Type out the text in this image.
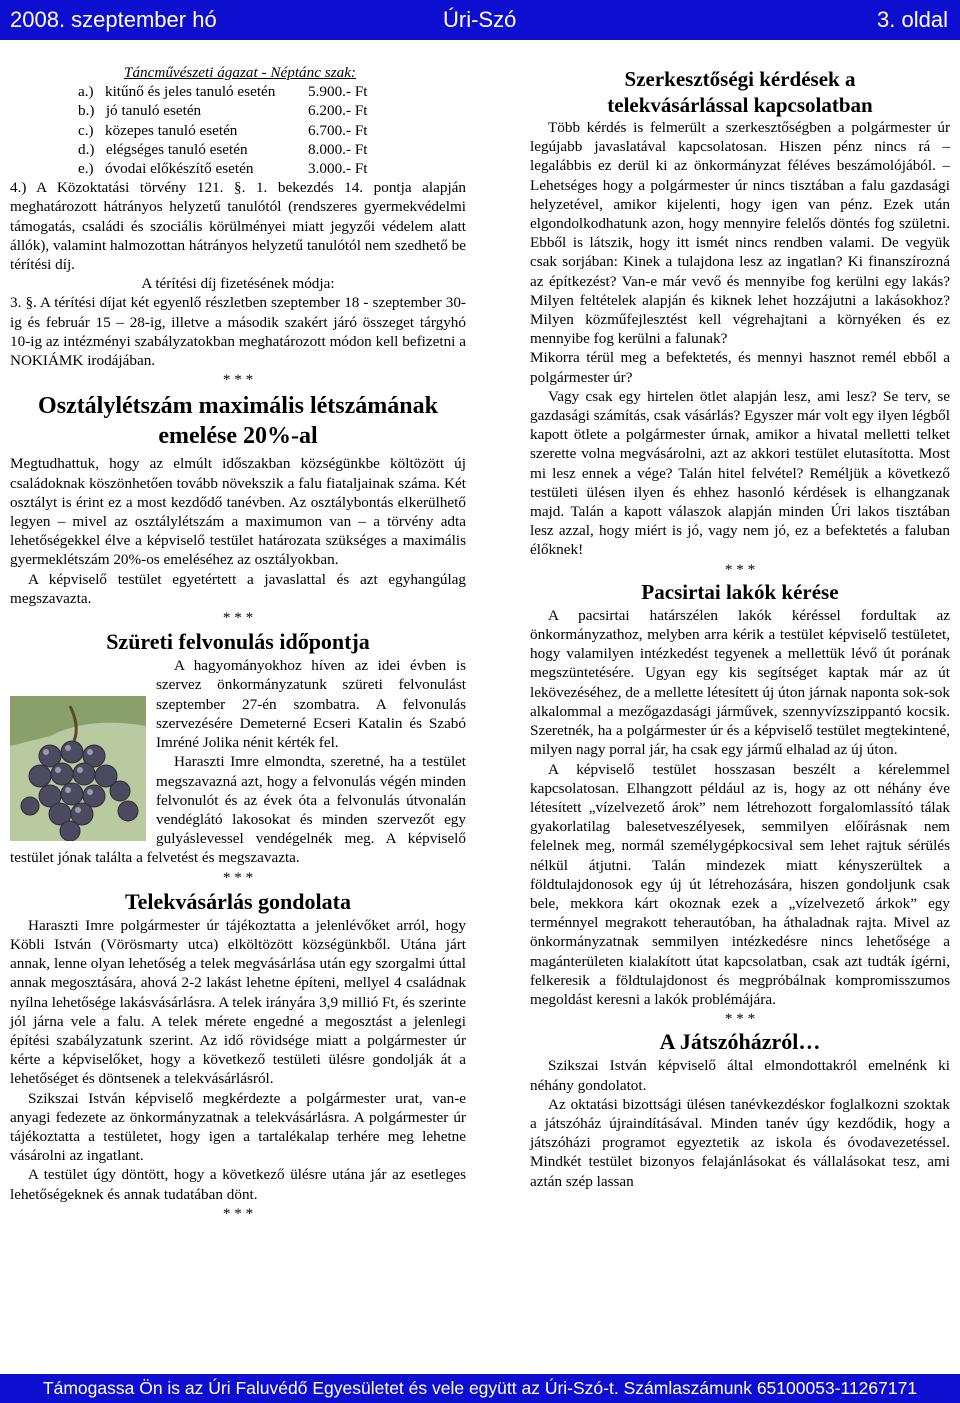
2008. szeptember hó	Úri-Szó	3. oldal

Táncművészeti ágazat - Néptánc szak:

a.)   kitűnő és jeles tanuló esetén	5.900.- Ft
b.)   jó tanuló esetén	6.200.- Ft
c.)   közepes tanuló esetén	6.700.- Ft
d.)   elégséges tanuló esetén	8.000.- Ft
e.)   óvodai előkészítő esetén	3.000.- Ft

4.) A Közoktatási törvény 121. §. 1. bekezdés 14. pontja alapján meghatározott hátrányos helyzetű tanulótól (rendszeres gyermekvédelmi támogatás, családi és szociális körülményei miatt jegyzői védelem alatt állók), valamint halmozottan hátrányos helyzetű tanulótól nem szedhető be térítési díj.

A térítési díj fizetésének módja:

3. §. A térítési díjat két egyenlő részletben szeptember 18 - szeptember 30-ig és február 15 – 28-ig, illetve a második szakért járó összeget tárgyhó 10-ig az intézményi szabályzatokban meghatározott módon kell befizetni a NOKIÁMK irodájában.

* * *

Osztálylétszám maximális létszámának
emelése 20%-al

Megtudhattuk, hogy az elmúlt időszakban községünkbe költözött új családoknak köszönhetően tovább növekszik a falu fiataljainak száma. Két osztályt is érint ez a most kezdődő tanévben. Az osztálybontás elkerülhető legyen – mivel az osztálylétszám a maximumon van – a törvény adta lehetőségekkel élve a képviselő testület határozata szükséges a maximális gyermeklétszám 20%-os emeléséhez az osztályokban.

A képviselő testület egyetértett a javaslattal és azt egyhangúlag megszavazta.

* * *

Szüreti felvonulás időpontja

A hagyományokhoz híven az idei évben is szervez önkormányzatunk szüreti felvonulást szeptember 27-én szombatra. A felvonulás szervezésére Demeterné Ecseri Katalin és Szabó Imréné Jolika nénit kérték fel.

Haraszti Imre elmondta, szeretné, ha a testület megszavazná azt, hogy a felvonulás végén minden felvonulót és az évek óta a felvonulás útvonalán vendéglátó lakosokat és minden szervezőt egy gulyáslevessel vendégelnék meg. A képviselő testület jónak találta a felvetést és megszavazta.

* * *

Telekvásárlás gondolata

Haraszti Imre polgármester úr tájékoztatta a jelenlévőket arról, hogy Köbli István (Vörösmarty utca) elköltözött községünkből. Utána járt annak, lenne olyan lehetőség a telek megvásárlása után egy szorgalmi úttal annak megosztására, ahová 2-2 lakást lehetne építeni, mellyel 4 családnak nyílna lehetősége lakásvásárlásra. A telek irányára 3,9 millió Ft, és szerinte jól járna vele a falu. A telek mérete engedné a megosztást a jelenlegi építési szabályzatunk szerint. Az idő rövidsége miatt a polgármester úr kérte a képviselőket, hogy a következő testületi ülésre gondolják át a lehetőséget és döntsenek a telekvásárlásról.

Szikszai István képviselő megkérdezte a polgármester urat, van-e anyagi fedezete az önkormányzatnak a telekvásárlásra. A polgármester úr tájékoztatta a testületet, hogy igen a tartalékalap terhére meg lehetne vásárolni az ingatlant.

A testület úgy döntött, hogy a következő ülésre utána jár az esetleges lehetőségeknek és annak tudatában dönt.

* * *

Szerkesztőségi kérdések a
telekvásárlással kapcsolatban

Több kérdés is felmerült a szerkesztőségben a polgármester úr legújabb javaslatával kapcsolatosan. Hiszen pénz nincs rá – legalábbis ez derül ki az önkormányzat féléves beszámolójából. – Lehetséges hogy a polgármester úr nincs tisztában a falu gazdasági helyzetével, amikor kijelenti, hogy igen van pénz. Ezek után elgondolkodhatunk azon, hogy mennyire felelős döntés fog születni. Ebből is látszik, hogy itt ismét nincs rendben valami. De vegyük csak sorjában: Kinek a tulajdona lesz az ingatlan? Ki finanszírozná az építkezést? Van-e már vevő és mennyibe fog kerülni egy lakás? Milyen feltételek alapján és kiknek lehet hozzájutni a lakásokhoz? Milyen közműfejlesztést kell végrehajtani a környéken és ez mennyibe fog kerülni a falunak?

Mikorra térül meg a befektetés, és mennyi hasznot remél ebből a polgármester úr?

Vagy csak egy hirtelen ötlet alapján lesz, ami lesz? Se terv, se gazdasági számítás, csak vásárlás? Egyszer már volt egy ilyen légből kapott ötlete a polgármester úrnak, amikor a hivatal melletti telket szerette volna megvásárolni, azt az akkori testület elutasította. Most mi lesz ennek a vége? Talán hitel felvétel? Reméljük a következő testületi ülésen ilyen és ehhez hasonló kérdések is elhangzanak majd. Talán a kapott válaszok alapján minden Úri lakos tisztában lesz azzal, hogy miért is jó, vagy nem jó, ez a befektetés a faluban élőknek!

* * *

Pacsirtai lakók kérése

A pacsirtai határszélen lakók kéréssel fordultak az önkormányzathoz, melyben arra kérik a testület képviselő testületet, hogy valamilyen intézkedést tegyenek a mellettük lévő út porának megszüntetésére. Ugyan egy kis segítséget kaptak már az út lekövezéséhez, de a mellette létesített új úton járnak naponta sok-sok alkalommal a mezőgazdasági járművek, szennyvízszippantó kocsik. Szeretnék, ha a polgármester úr és a képviselő testület megtekintené, milyen nagy porral jár, ha csak egy jármű elhalad az új úton.

A képviselő testület hosszasan beszélt a kérelemmel kapcsolatosan. Elhangzott például az is, hogy az ott néhány éve létesített „vízelvezető árok” nem létrehozott forgalomlassító tálak gyakorlatilag balesetveszélyesek, semmilyen előírásnak nem felelnek meg, normál személygépkocsival sem lehet rajtuk sérülés nélkül átjutni. Talán mindezek miatt kényszerültek a földtulajdonosok egy új út létrehozására, hiszen gondoljunk csak bele, mekkora kárt okoznak ezek a „vízelvezető árkok” egy terménnyel megrakott teherautóban, ha áthaladnak rajta. Mivel az önkormányzatnak semmilyen intézkedésre nincs lehetősége a magánterületen kialakított útat kapcsolatban, csak azt tudták ígérni, felkeresik a földtulajdonost és megpróbálnak kompromisszumos megoldást keresni a lakók problémájára.

* * *

A Játszóházról…

Szikszai István képviselő által elmondottakról emelnénk ki néhány gondolatot.

Az oktatási bizottsági ülésen tanévkezdéskor foglalkozni szoktak a játszóház újraindításával. Minden tanév úgy kezdődik, hogy a játszóházi programot egyeztetik az iskola és óvodavezetéssel. Mindkét testület bizonyos felajánlásokat és vállalásokat tesz, ami aztán szép lassan

Támogassa Ön is az Úri Faluvédő Egyesületet és vele együtt az Úri-Szó-t. Számlaszámunk 65100053-11267171
